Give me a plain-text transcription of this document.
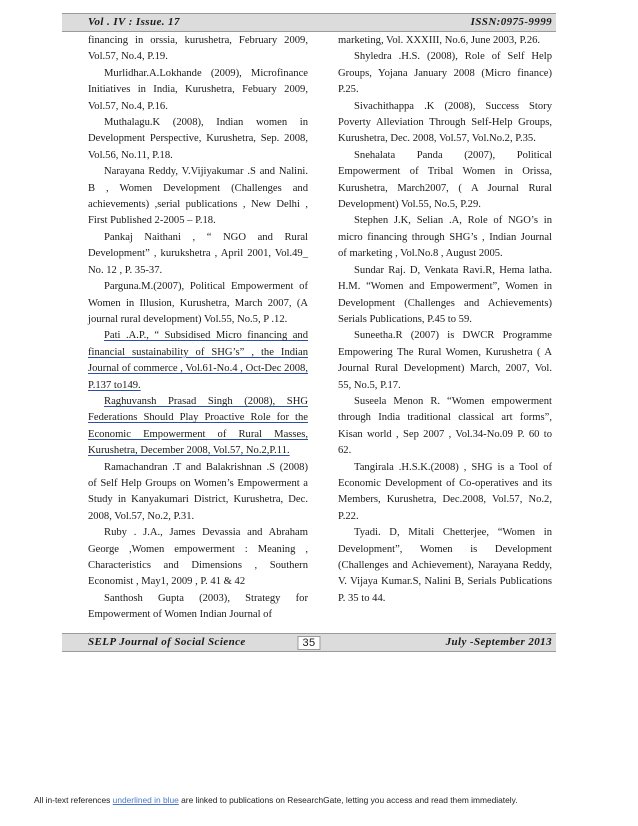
Vol . IV : Issue. 17	ISSN:0975-9999

financing in orssia, kurushetra, February 2009, Vol.57, No.4, P.19.

Murlidhar.A.Lokhande (2009), Microfinance Initiatives in India, Kurushetra, Febuary 2009, Vol.57, No.4, P.16.

Muthalagu.K (2008), Indian women in Development Perspective, Kurushetra, Sep. 2008, Vol.56, No.11, P.18.

Narayana Reddy, V.Vijiyakumar .S and Nalini. B , Women Development (Challenges and achievements) ,serial publications , New Delhi , First Published 2-2005 – P.18.

Pankaj Naithani , “ NGO and Rural Development” , kurukshetra , April 2001, Vol.49_ No. 12 , P. 35-37.

Parguna.M.(2007), Political Empowerment of Women in Illusion, Kurushetra, March 2007, (A journal rural development) Vol.55, No.5, P .12.

Pati .A.P., “ Subsidised Micro financing and financial sustainability of SHG’s” , the Indian Journal of commerce , Vol.61-No.4 , Oct-Dec 2008, P.137 to149.

Raghuvansh Prasad Singh (2008), SHG Federations Should Play Proactive Role for the Economic Empowerment of Rural Masses, Kurushetra, December 2008, Vol.57, No.2,P.11.

Ramachandran .T and Balakrishnan .S (2008) of Self Help Groups on Women’s Empowerment a Study in Kanyakumari District, Kurushetra, Dec. 2008, Vol.57, No.2, P.31.

Ruby . J.A., James Devassia and Abraham George ,Women empowerment : Meaning , Characteristics and Dimensions , Southern Economist , May1, 2009 , P. 41 & 42

Santhosh Gupta (2003), Strategy for Empowerment of Women Indian Journal of

marketing, Vol. XXXIII, No.6, June 2003, P.26.

Shyledra .H.S. (2008), Role of Self Help Groups, Yojana January 2008 (Micro finance) P.25.

Sivachithappa .K (2008), Success Story Poverty Alleviation Through Self-Help Groups, Kurushetra, Dec. 2008, Vol.57, Vol.No.2, P.35.

Snehalata Panda (2007), Political Empowerment of Tribal Women in Orissa, Kurushetra, March2007, ( A Journal Rural Development) Vol.55, No.5, P.29.

Stephen J.K, Selian .A, Role of NGO’s in micro financing through SHG’s , Indian Journal of marketing , Vol.No.8 , August 2005.

Sundar Raj. D, Venkata Ravi.R, Hema latha. H.M. “Women and Empowerment”, Women in Development (Challenges and Achievements) Serials Publications, P.45 to 59.

Suneetha.R (2007) is DWCR Programme Empowering The Rural Women, Kurushetra ( A Journal Rural Development) March, 2007, Vol. 55, No.5, P.17.

Suseela Menon R. “Women empowerment through India traditional classical art forms”, Kisan world , Sep 2007 , Vol.34-No.09 P. 60 to 62.

Tangirala .H.S.K.(2008) , SHG is a Tool of Economic Development of Co-operatives and its Members, Kurushetra, Dec.2008, Vol.57, No.2, P.22.

Tyadi. D, Mitali Chetterjee, “Women in Development”, Women is Development (Challenges and Achievement), Narayana Reddy, V. Vijaya Kumar.S, Nalini B, Serials Publications P. 35 to 44.

SELP Journal of Social Science	35	July -September 2013
All in-text references underlined in blue are linked to publications on ResearchGate, letting you access and read them immediately.
